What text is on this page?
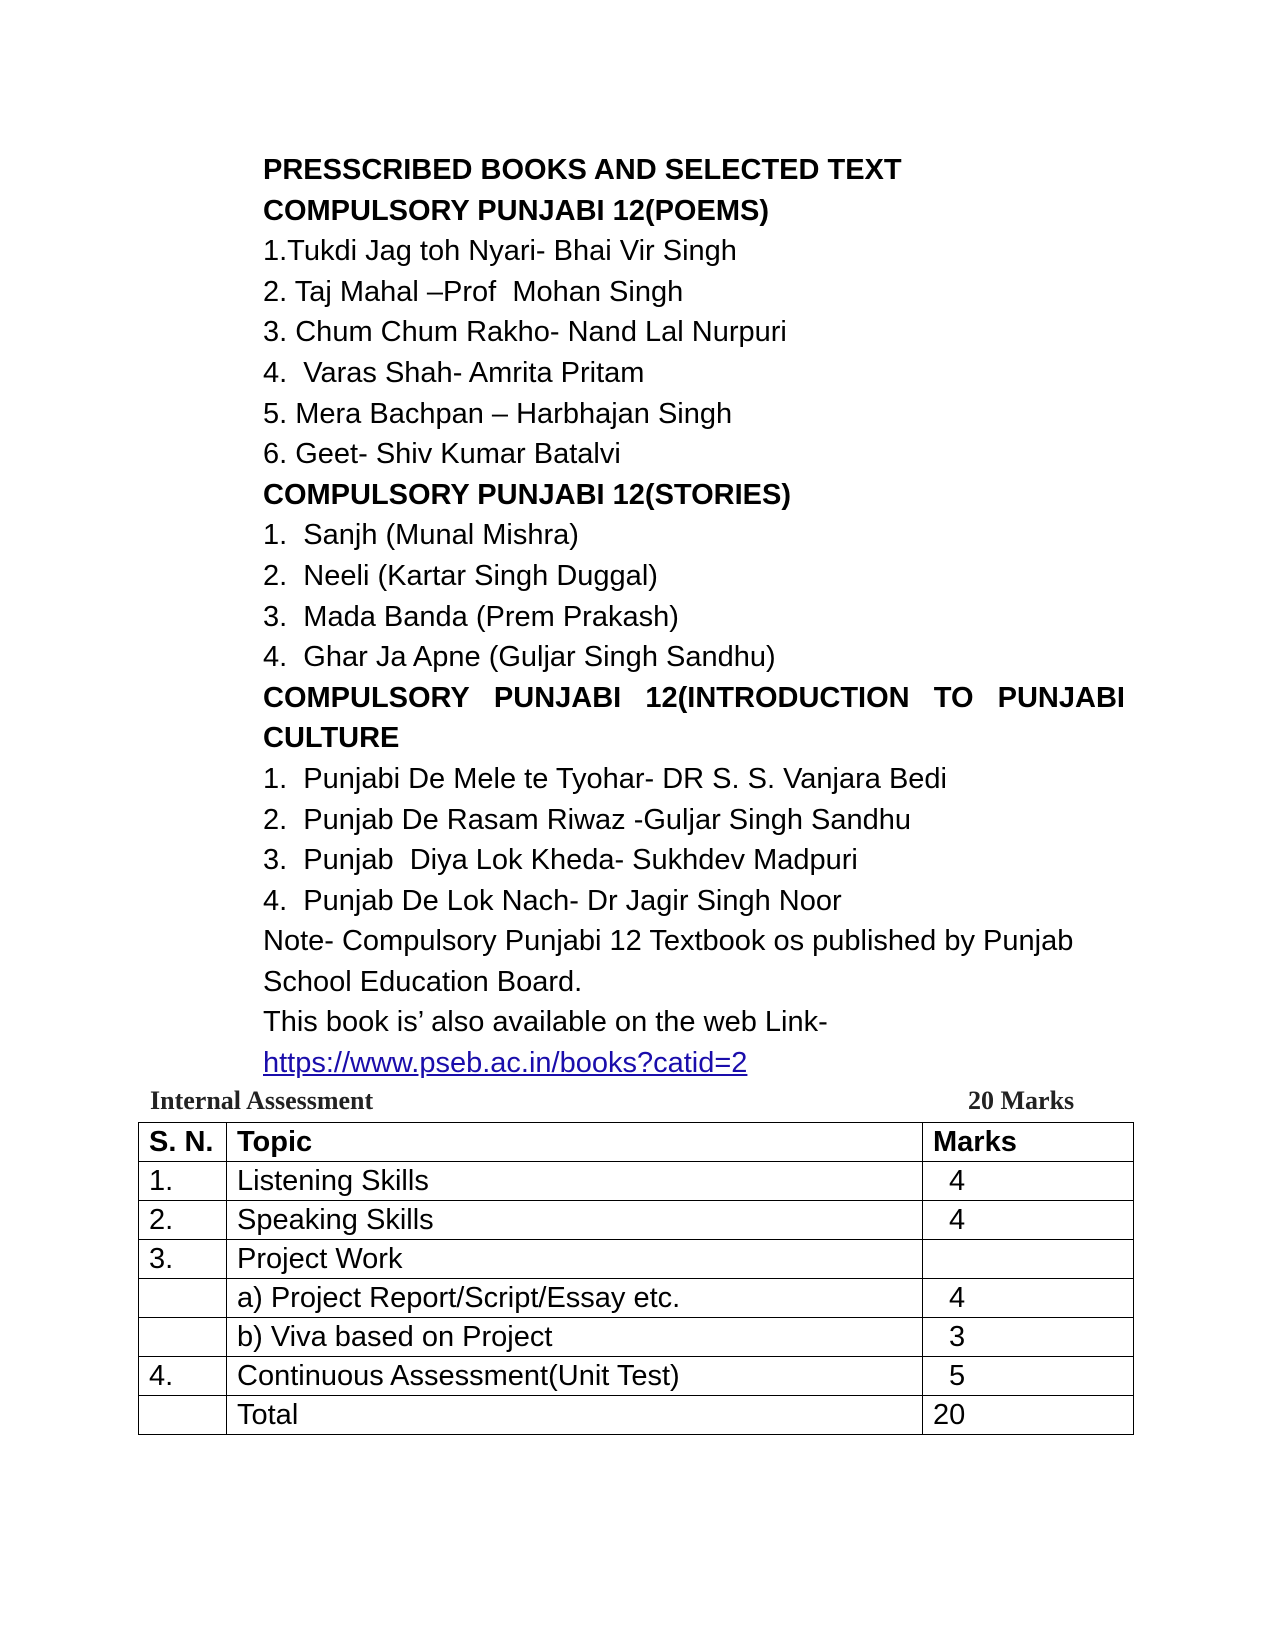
PRESSCRIBED BOOKS AND SELECTED TEXT
COMPULSORY PUNJABI 12(POEMS)
1.Tukdi Jag toh Nyari- Bhai Vir Singh
2. Taj Mahal –Prof  Mohan Singh
3. Chum Chum Rakho- Nand Lal Nurpuri
4.  Varas Shah- Amrita Pritam
5. Mera Bachpan – Harbhajan Singh
6. Geet- Shiv Kumar Batalvi
COMPULSORY PUNJABI 12(STORIES)
1.  Sanjh (Munal Mishra)
2.  Neeli (Kartar Singh Duggal)
3.  Mada Banda (Prem Prakash)
4.  Ghar Ja Apne (Guljar Singh Sandhu)
COMPULSORY PUNJABI 12(INTRODUCTION TO PUNJABI
CULTURE
1.  Punjabi De Mele te Tyohar- DR S. S. Vanjara Bedi
2.  Punjab De Rasam Riwaz -Guljar Singh Sandhu
3.  Punjab  Diya Lok Kheda- Sukhdev Madpuri
4.  Punjab De Lok Nach- Dr Jagir Singh Noor
Note- Compulsory Punjabi 12 Textbook os published by Punjab School Education Board.
This book is’ also available on the web Link-
https://www.pseb.ac.in/books?catid=2
Internal Assessment	20 Marks
S. N.	Topic	Marks
1.	Listening Skills	4
2.	Speaking Skills	4
3.	Project Work	
	a) Project Report/Script/Essay etc.	4
	b) Viva based on Project	3
4.	Continuous Assessment(Unit Test)	5
	Total	20
